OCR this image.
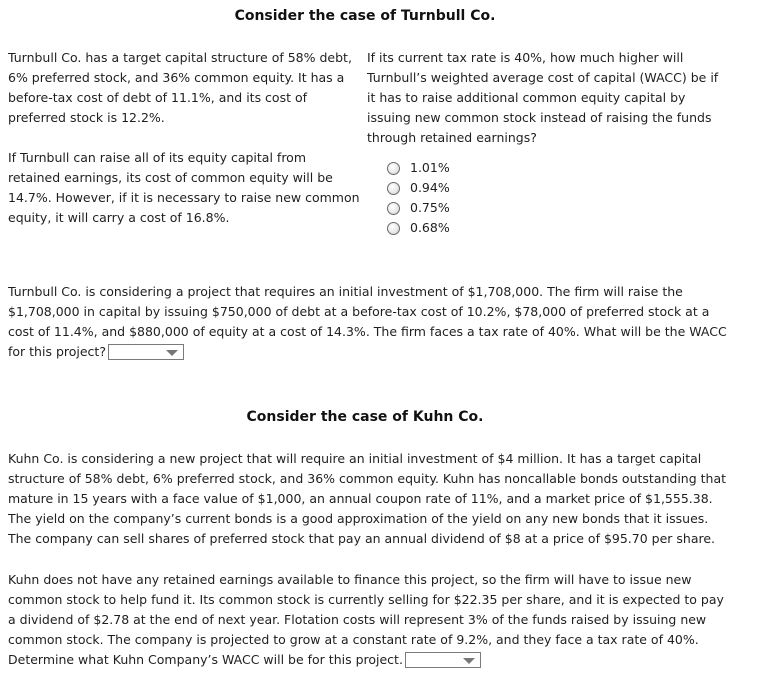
Consider the case of Turnbull Co.

Turnbull Co. has a target capital structure of 58% debt, 6% preferred stock, and 36% common equity. It has a before-tax cost of debt of 11.1%, and its cost of preferred stock is 12.2%.

If Turnbull can raise all of its equity capital from retained earnings, its cost of common equity will be 14.7%. However, if it is necessary to raise new common equity, it will carry a cost of 16.8%.

If its current tax rate is 40%, how much higher will Turnbull’s weighted average cost of capital (WACC) be if it has to raise additional common equity capital by issuing new common stock instead of raising the funds through retained earnings?

1.01%
0.94%
0.75%
0.68%
Turnbull Co. is considering a project that requires an initial investment of $1,708,000. The firm will raise the $1,708,000 in capital by issuing $750,000 of debt at a before-tax cost of 10.2%, $78,000 of preferred stock at a cost of 11.4%, and $880,000 of equity at a cost of 14.3%. The firm faces a tax rate of 40%. What will be the WACC for this project?
Consider the case of Kuhn Co.
Kuhn Co. is considering a new project that will require an initial investment of $4 million. It has a target capital structure of 58% debt, 6% preferred stock, and 36% common equity. Kuhn has noncallable bonds outstanding that mature in 15 years with a face value of $1,000, an annual coupon rate of 11%, and a market price of $1,555.38. The yield on the company’s current bonds is a good approximation of the yield on any new bonds that it issues. The company can sell shares of preferred stock that pay an annual dividend of $8 at a price of $95.70 per share.
Kuhn does not have any retained earnings available to finance this project, so the firm will have to issue new common stock to help fund it. Its common stock is currently selling for $22.35 per share, and it is expected to pay a dividend of $2.78 at the end of next year. Flotation costs will represent 3% of the funds raised by issuing new common stock. The company is projected to grow at a constant rate of 9.2%, and they face a tax rate of 40%. Determine what Kuhn Company’s WACC will be for this project.
